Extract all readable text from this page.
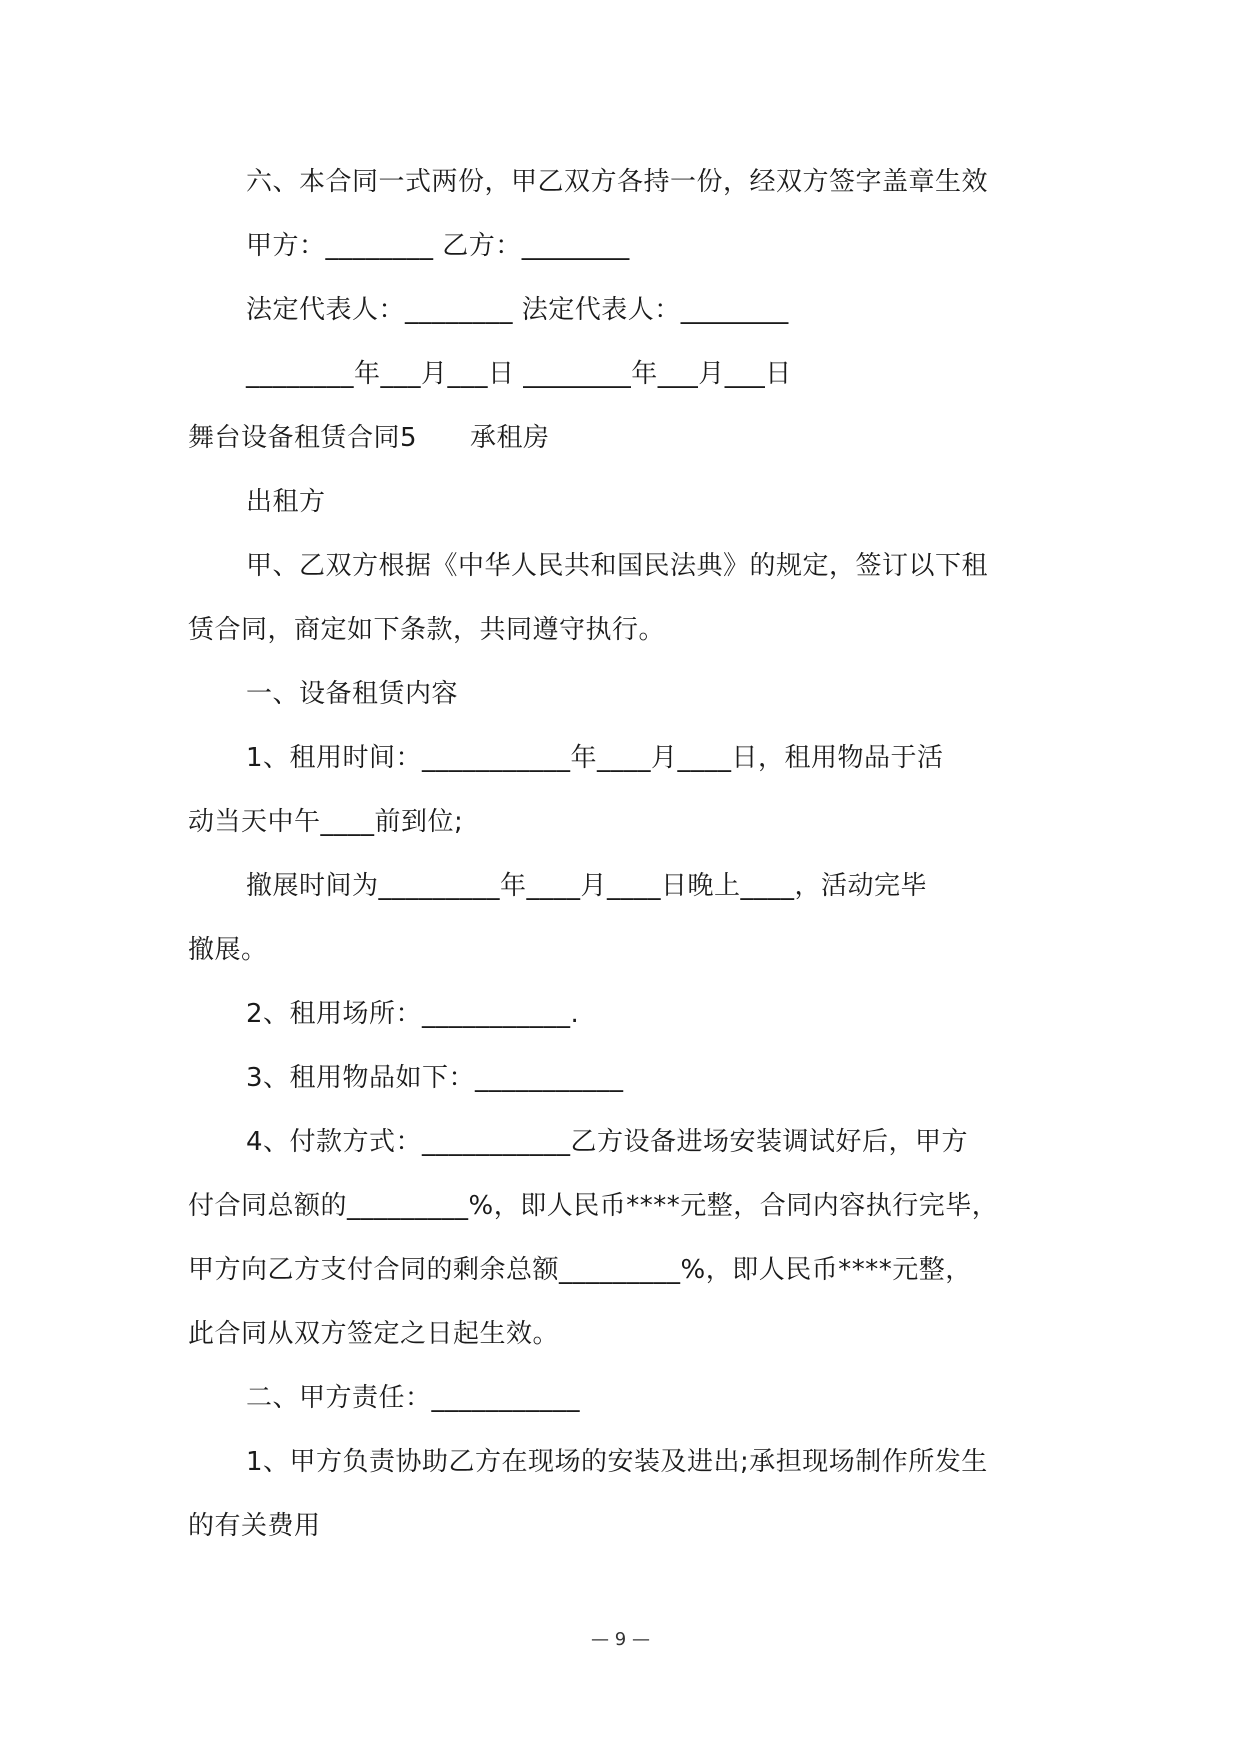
六、本合同一式两份，甲乙双方各持一份，经双方签字盖章生效
甲方：________ 乙方：________
法定代表人：________ 法定代表人：________
________年___月___日 ________年___月___日
舞台设备租赁合同5　　承租房
出租方
甲、乙双方根据《中华人民共和国民法典》的规定，签订以下租
赁合同，商定如下条款，共同遵守执行。
一、设备租赁内容
1、租用时间：___________年____月____日，租用物品于活
动当天中午____前到位;
撤展时间为_________年____月____日晚上____，活动完毕
撤展。
2、租用场所：___________.
3、租用物品如下：___________
4、付款方式：___________乙方设备进场安装调试好后，甲方
付合同总额的_________%，即人民币****元整，合同内容执行完毕，
甲方向乙方支付合同的剩余总额_________%，即人民币****元整，
此合同从双方签定之日起生效。
二、甲方责任：___________
1、甲方负责协助乙方在现场的安装及进出;承担现场制作所发生
的有关费用
— 9 —
